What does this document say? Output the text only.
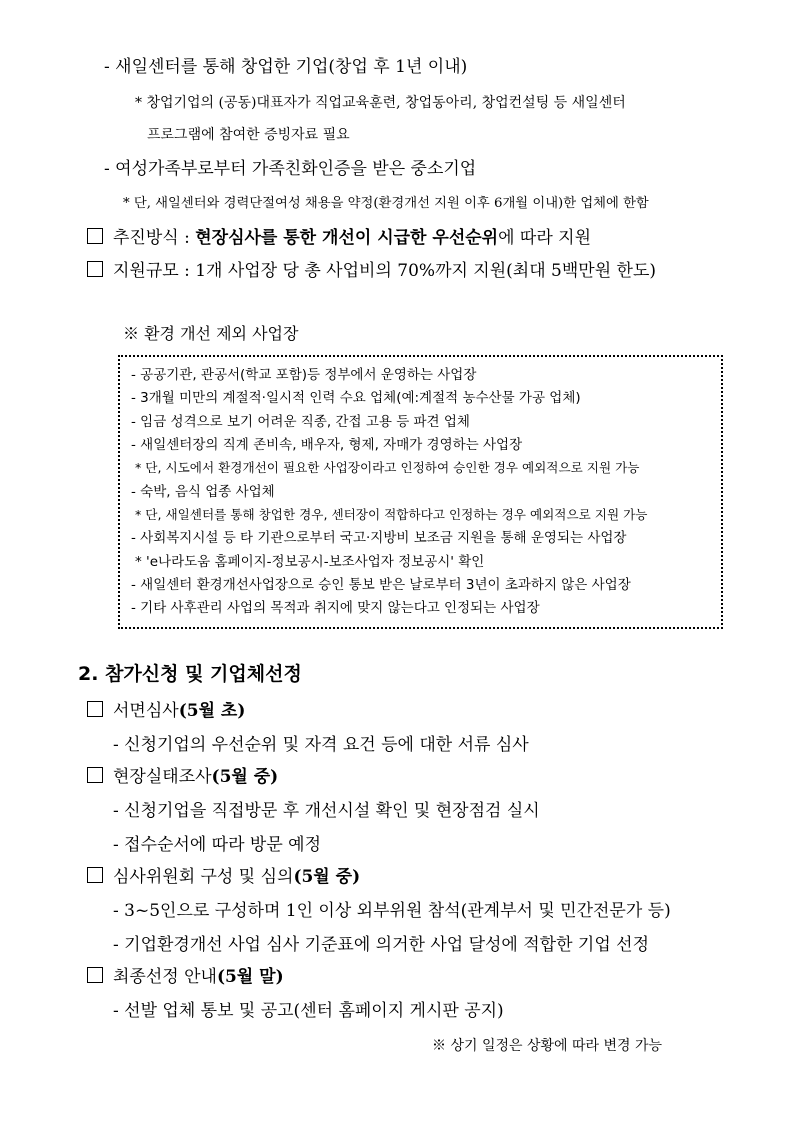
- 새일센터를 통해 창업한 기업(창업 후 1년 이내)
* 창업기업의 (공동)대표자가 직업교육훈련, 창업동아리, 창업컨설팅 등 새일센터
프로그램에 참여한 증빙자료 필요
- 여성가족부로부터 가족친화인증을 받은 중소기업
* 단, 새일센터와 경력단절여성 채용을 약정(환경개선 지원 이후 6개월 이내)한 업체에 한함
추진방식 : 현장심사를 통한 개선이 시급한 우선순위에 따라 지원
지원규모 : 1개 사업장 당 총 사업비의 70%까지 지원(최대 5백만원 한도)
※ 환경 개선 제외 사업장
- 공공기관, 관공서(학교 포함)등 정부에서 운영하는 사업장
- 3개월 미만의 계절적·일시적 인력 수요 업체(예:계절적 농수산물 가공 업체)
- 임금 성격으로 보기 어려운 직종, 간접 고용 등 파견 업체
- 새일센터장의 직계 존비속, 배우자, 형제, 자매가 경영하는 사업장
* 단, 시도에서 환경개선이 필요한 사업장이라고 인정하여 승인한 경우 예외적으로 지원 가능
- 숙박, 음식 업종 사업체
* 단, 새일센터를 통해 창업한 경우, 센터장이 적합하다고 인정하는 경우 예외적으로 지원 가능
- 사회복지시설 등 타 기관으로부터 국고·지방비 보조금 지원을 통해 운영되는 사업장
* 'e나라도움 홈페이지-정보공시-보조사업자 정보공시' 확인
- 새일센터 환경개선사업장으로 승인 통보 받은 날로부터 3년이 초과하지 않은 사업장
- 기타 사후관리 사업의 목적과 취지에 맞지 않는다고 인정되는 사업장
2. 참가신청 및 기업체선정
서면심사(5월 초)
- 신청기업의 우선순위 및 자격 요건 등에 대한 서류 심사
현장실태조사(5월 중)
- 신청기업을 직접방문 후 개선시설 확인 및 현장점검 실시
- 접수순서에 따라 방문 예정
심사위원회 구성 및 심의(5월 중)
- 3~5인으로 구성하며 1인 이상 외부위원 참석(관계부서 및 민간전문가 등)
- 기업환경개선 사업 심사 기준표에 의거한 사업 달성에 적합한 기업 선정
최종선정 안내(5월 말)
- 선발 업체 통보 및 공고(센터 홈페이지 게시판 공지)
※ 상기 일정은 상황에 따라 변경 가능
